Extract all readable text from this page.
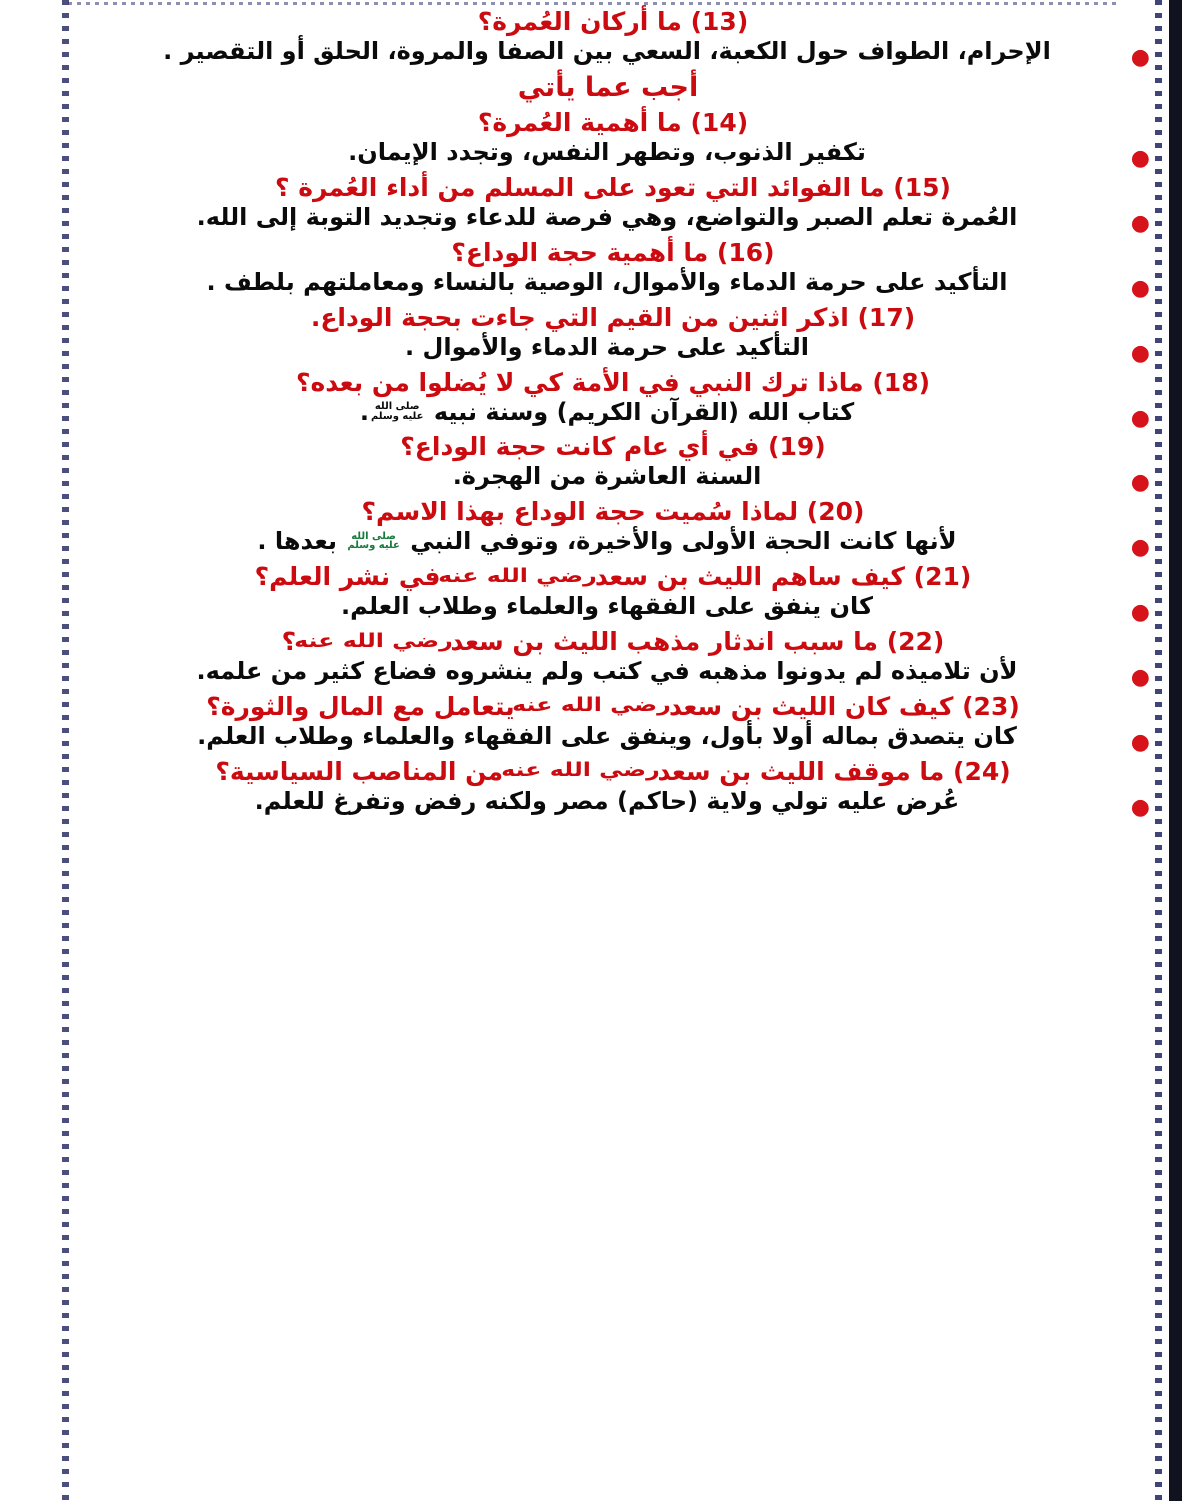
(13) ما أركان العُمرة؟
●
الإحرام، الطواف حول الكعبة، السعي بين الصفا والمروة، الحلق أو التقصير .
أجب عما يأتي
(14) ما أهمية العُمرة؟
●
تكفير الذنوب، وتطهر النفس، وتجدد الإيمان.
(15) ما الفوائد التي تعود على المسلم من أداء العُمرة ؟
●
العُمرة تعلم الصبر والتواضع، وهي فرصة للدعاء وتجديد التوبة إلى الله.
(16) ما أهمية حجة الوداع؟
●
التأكيد على حرمة الدماء والأموال، الوصية بالنساء ومعاملتهم بلطف .
(17) اذكر اثنين من القيم التي جاءت بحجة الوداع.
●
التأكيد على حرمة الدماء والأموال .
(18) ماذا ترك النبي في الأمة كي لا يُضلوا من بعده؟
●
كتاب الله (القرآن الكريم) وسنة نبيه
صلى الله
عليه وسلم
.
(19) في أي عام كانت حجة الوداع؟
●
السنة العاشرة من الهجرة.
(20) لماذا سُميت حجة الوداع بهذا الاسم؟
●
لأنها كانت الحجة الأولى والأخيرة، وتوفي النبي
صلى الله
عليه وسلم
بعدها .
(21) كيف ساهم الليث بن سعد رضي الله عنه في نشر العلم؟
●
كان ينفق على الفقهاء والعلماء وطلاب العلم.
(22) ما سبب اندثار مذهب الليث بن سعد رضي الله عنه ؟
●
لأن تلاميذه لم يدونوا مذهبه في كتب ولم ينشروه فضاع كثير من علمه.
(23) كيف كان الليث بن سعد رضي الله عنه يتعامل مع المال والثورة؟
●
كان يتصدق بماله أولا بأول، وينفق على الفقهاء والعلماء وطلاب العلم.
(24) ما موقف الليث بن سعد رضي الله عنه من المناصب السياسية؟
●
عُرض عليه تولي ولاية (حاكم) مصر ولكنه رفض وتفرغ للعلم.
